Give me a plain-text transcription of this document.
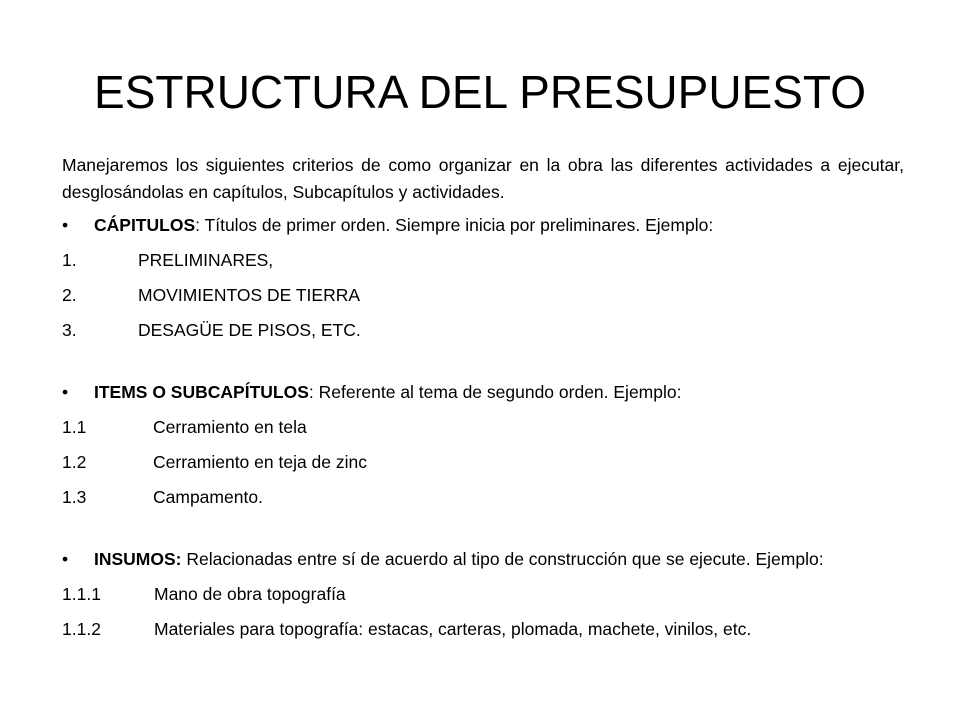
ESTRUCTURA DEL PRESUPUESTO

Manejaremos los siguientes criterios de como organizar en la obra las diferentes actividades a ejecutar, desglosándolas en capítulos, Subcapítulos y actividades.

• CÁPITULOS: Títulos de primer orden. Siempre inicia por preliminares. Ejemplo:
1.	PRELIMINARES,
2.	MOVIMIENTOS DE TIERRA
3.	DESAGÜE DE PISOS, ETC.
• ITEMS O SUBCAPÍTULOS: Referente al tema de segundo orden. Ejemplo:
1.1	Cerramiento en tela
1.2	Cerramiento en teja de zinc
1.3	Campamento.
• INSUMOS: Relacionadas entre sí de acuerdo al tipo de construcción que se ejecute. Ejemplo:
1.1.1	Mano de obra topografía
1.1.2	Materiales para topografía: estacas, carteras, plomada, machete, vinilos, etc.
